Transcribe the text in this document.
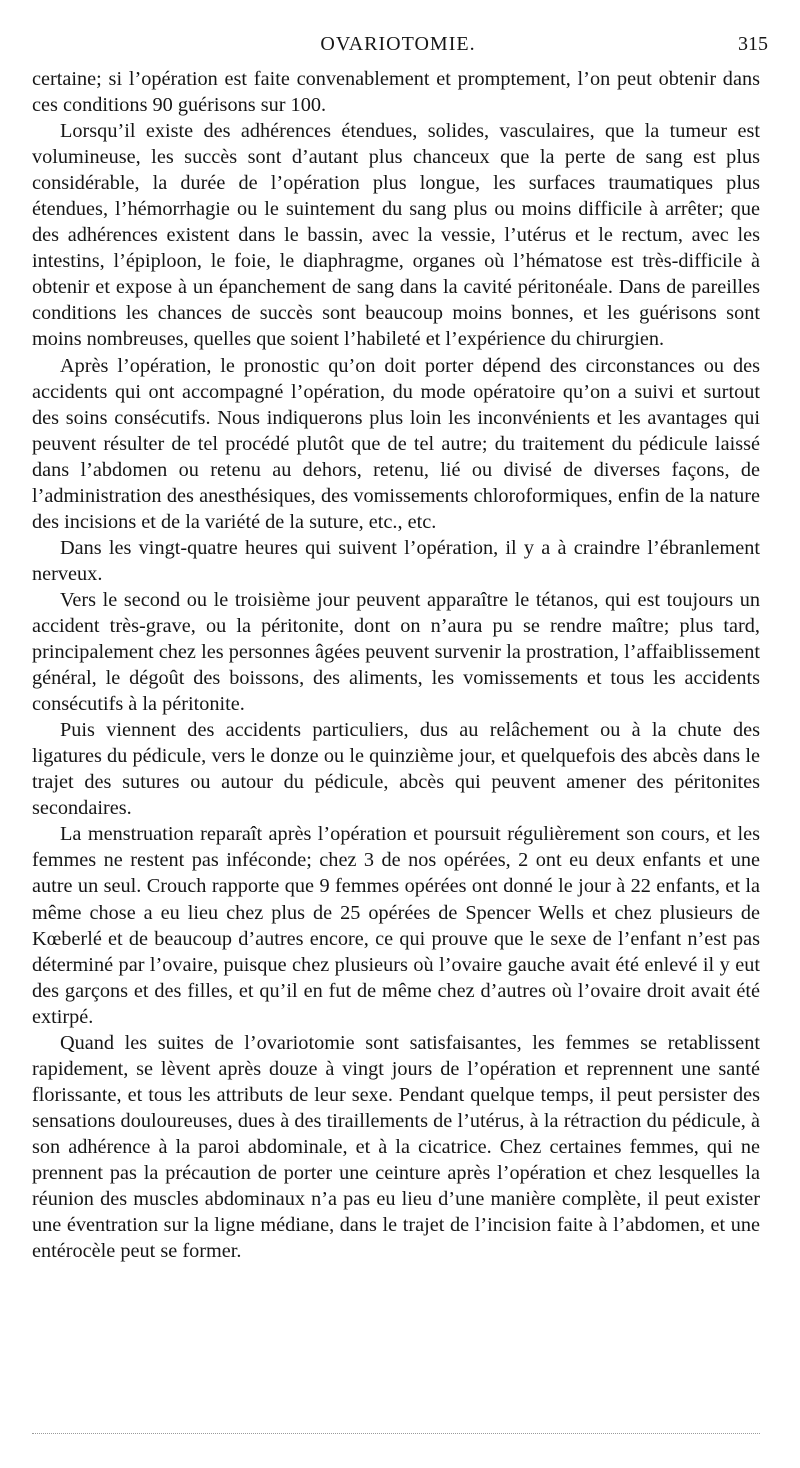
OVARIOTOMIE.	315

certaine; si l’opération est faite convenablement et promptement, l’on peut obtenir dans ces conditions 90 guérisons sur 100.

Lorsqu’il existe des adhérences étendues, solides, vasculaires, que la tumeur est volumineuse, les succès sont d’autant plus chanceux que la perte de sang est plus considérable, la durée de l’opération plus longue, les surfaces traumatiques plus étendues, l’hémorrhagie ou le suintement du sang plus ou moins difficile à arrêter; que des adhérences existent dans le bassin, avec la vessie, l’utérus et le rectum, avec les intestins, l’épiploon, le foie, le diaphragme, organes où l’hématose est très-difficile à obtenir et expose à un épanchement de sang dans la cavité péritonéale. Dans de pareilles conditions les chances de succès sont beaucoup moins bonnes, et les guérisons sont moins nombreuses, quelles que soient l’habileté et l’expérience du chirurgien.

Après l’opération, le pronostic qu’on doit porter dépend des circonstances ou des accidents qui ont accompagné l’opération, du mode opératoire qu’on a suivi et surtout des soins consécutifs. Nous indiquerons plus loin les inconvénients et les avantages qui peuvent résulter de tel procédé plutôt que de tel autre; du traitement du pédicule laissé dans l’abdomen ou retenu au dehors, retenu, lié ou divisé de diverses façons, de l’administration des anesthésiques, des vomissements chloroformiques, enfin de la nature des incisions et de la variété de la suture, etc., etc.

Dans les vingt-quatre heures qui suivent l’opération, il y a à craindre l’ébranlement nerveux.

Vers le second ou le troisième jour peuvent apparaître le tétanos, qui est toujours un accident très-grave, ou la péritonite, dont on n’aura pu se rendre maître; plus tard, principalement chez les personnes âgées peuvent survenir la prostration, l’affaiblissement général, le dégoût des boissons, des aliments, les vomissements et tous les accidents consécutifs à la péritonite.

Puis viennent des accidents particuliers, dus au relâchement ou à la chute des ligatures du pédicule, vers le donze ou le quinzième jour, et quelquefois des abcès dans le trajet des sutures ou autour du pédicule, abcès qui peuvent amener des péritonites secondaires.

La menstruation reparaît après l’opération et poursuit régulièrement son cours, et les femmes ne restent pas inféconde; chez 3 de nos opérées, 2 ont eu deux enfants et une autre un seul. Crouch rapporte que 9 femmes opérées ont donné le jour à 22 enfants, et la même chose a eu lieu chez plus de 25 opérées de Spencer Wells et chez plusieurs de Kœberlé et de beaucoup d’autres encore, ce qui prouve que le sexe de l’enfant n’est pas déterminé par l’ovaire, puisque chez plusieurs où l’ovaire gauche avait été enlevé il y eut des garçons et des filles, et qu’il en fut de même chez d’autres où l’ovaire droit avait été extirpé.

Quand les suites de l’ovariotomie sont satisfaisantes, les femmes se retablissent rapidement, se lèvent après douze à vingt jours de l’opération et reprennent une santé florissante, et tous les attributs de leur sexe. Pendant quelque temps, il peut persister des sensations douloureuses, dues à des tiraillements de l’utérus, à la rétraction du pédicule, à son adhérence à la paroi abdominale, et à la cicatrice. Chez certaines femmes, qui ne prennent pas la précaution de porter une ceinture après l’opération et chez lesquelles la réunion des muscles abdominaux n’a pas eu lieu d’une manière complète, il peut exister une éventration sur la ligne médiane, dans le trajet de l’incision faite à l’abdomen, et une entérocèle peut se former.
